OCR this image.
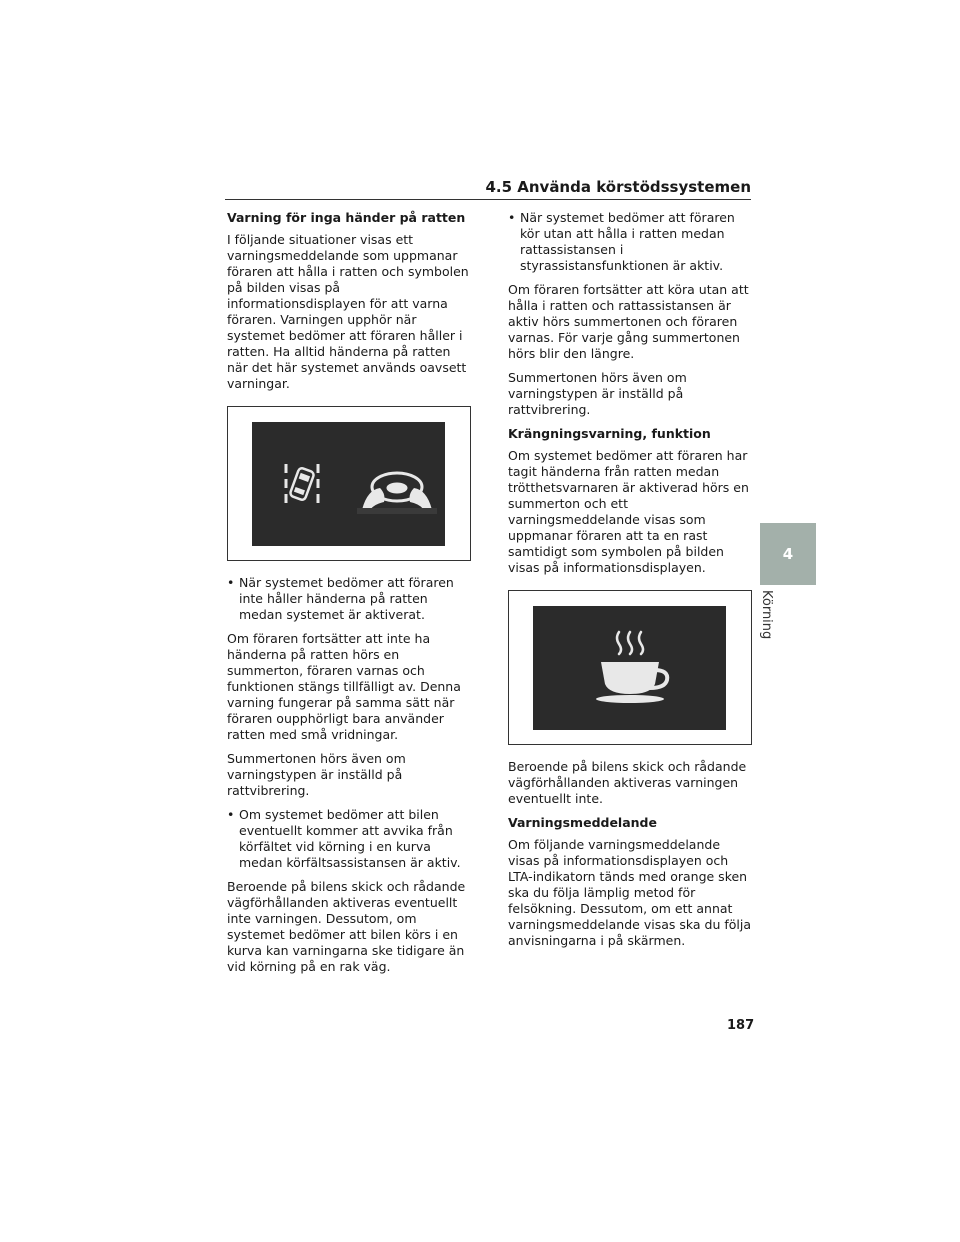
4.5 Använda körstödssystemen
Varning för inga händer på ratten

I följande situationer visas ett varningsmeddelande som uppmanar föraren att hålla i ratten och symbolen på bilden visas på informationsdisplayen för att varna föraren. Varningen upphör när systemet bedömer att föraren håller i ratten. Ha alltid händerna på ratten när det här systemet används oavsett varningar.

• När systemet bedömer att föraren inte håller händerna på ratten medan systemet är aktiverat.

Om föraren fortsätter att inte ha händerna på ratten hörs en summerton, föraren varnas och funktionen stängs tillfälligt av. Denna varning fungerar på samma sätt när föraren oupphörligt bara använder ratten med små vridningar.

Summertonen hörs även om varningstypen är inställd på rattvibrering.

• Om systemet bedömer att bilen eventuellt kommer att avvika från körfältet vid körning i en kurva medan körfältsassistansen är aktiv.

Beroende på bilens skick och rådande vägförhållanden aktiveras eventuellt inte varningen. Dessutom, om systemet bedömer att bilen körs i en kurva kan varningarna ske tidigare än vid körning på en rak väg.

• När systemet bedömer att föraren kör utan att hålla i ratten medan rattassistansen i styrassistansfunktionen är aktiv.

Om föraren fortsätter att köra utan att hålla i ratten och rattassistansen är aktiv hörs summertonen och föraren varnas. För varje gång summertonen hörs blir den längre.

Summertonen hörs även om varningstypen är inställd på rattvibrering.

Krängningsvarning, funktion

Om systemet bedömer att föraren har tagit händerna från ratten medan trötthetsvarnaren är aktiverad hörs en summerton och ett varningsmeddelande visas som uppmanar föraren att ta en rast samtidigt som symbolen på bilden visas på informationsdisplayen.

Beroende på bilens skick och rådande vägförhållanden aktiveras varningen eventuellt inte.

Varningsmeddelande

Om följande varningsmeddelande visas på informationsdisplayen och LTA-indikatorn tänds med orange sken ska du följa lämplig metod för felsökning. Dessutom, om ett annat varningsmeddelande visas ska du följa anvisningarna i på skärmen.

4
Körning
187
